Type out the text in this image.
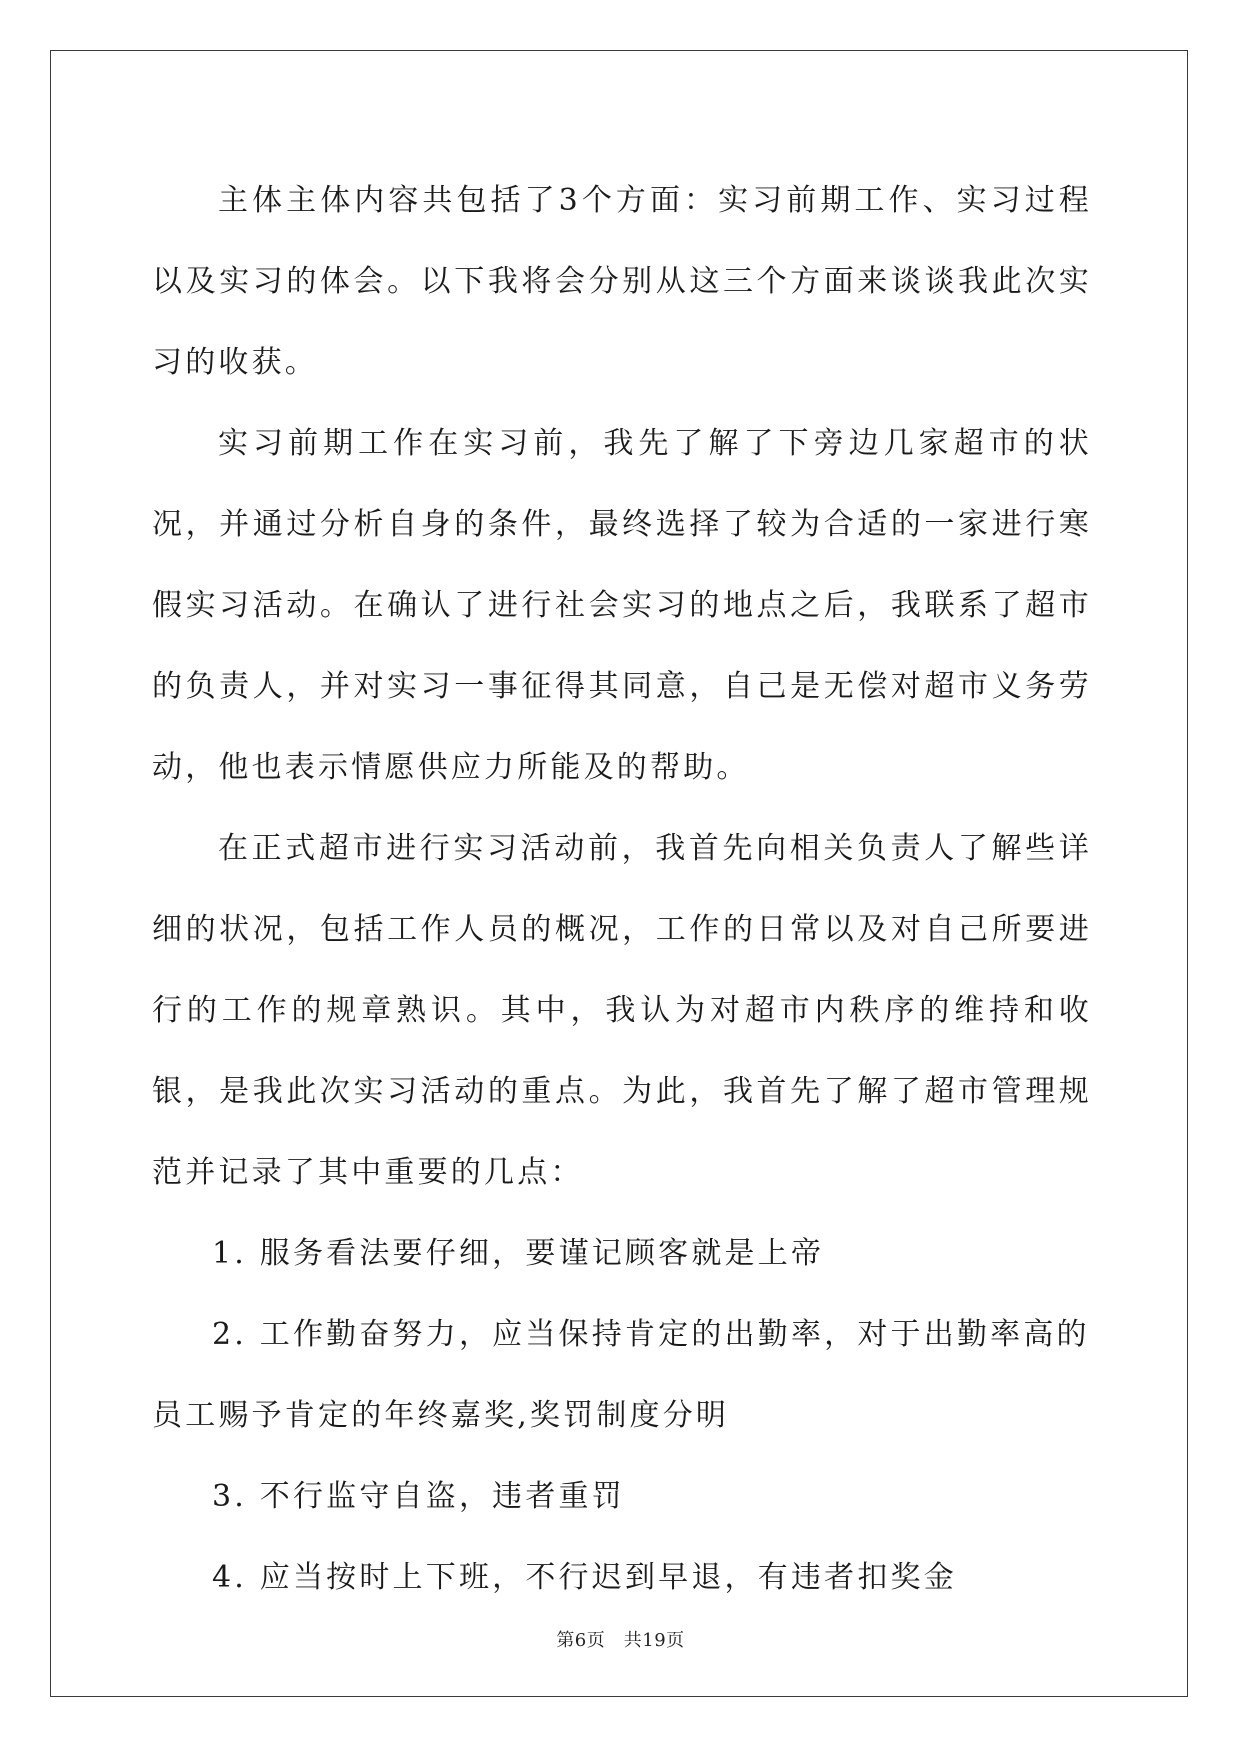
主体主体内容共包括了3个方面：实习前期工作、实习过程以及实习的体会。以下我将会分别从这三个方面来谈谈我此次实习的收获。

实习前期工作在实习前，我先了解了下旁边几家超市的状况，并通过分析自身的条件，最终选择了较为合适的一家进行寒假实习活动。在确认了进行社会实习的地点之后，我联系了超市的负责人，并对实习一事征得其同意，自己是无偿对超市义务劳动，他也表示情愿供应力所能及的帮助。

在正式超市进行实习活动前，我首先向相关负责人了解些详细的状况，包括工作人员的概况，工作的日常以及对自己所要进行的工作的规章熟识。其中，我认为对超市内秩序的维持和收银，是我此次实习活动的重点。为此，我首先了解了超市管理规范并记录了其中重要的几点：

1. 服务看法要仔细，要谨记顾客就是上帝

2. 工作勤奋努力，应当保持肯定的出勤率，对于出勤率高的员工赐予肯定的年终嘉奖,奖罚制度分明

3. 不行监守自盗，违者重罚

4. 应当按时上下班，不行迟到早退，有违者扣奖金

第6页　共19页
